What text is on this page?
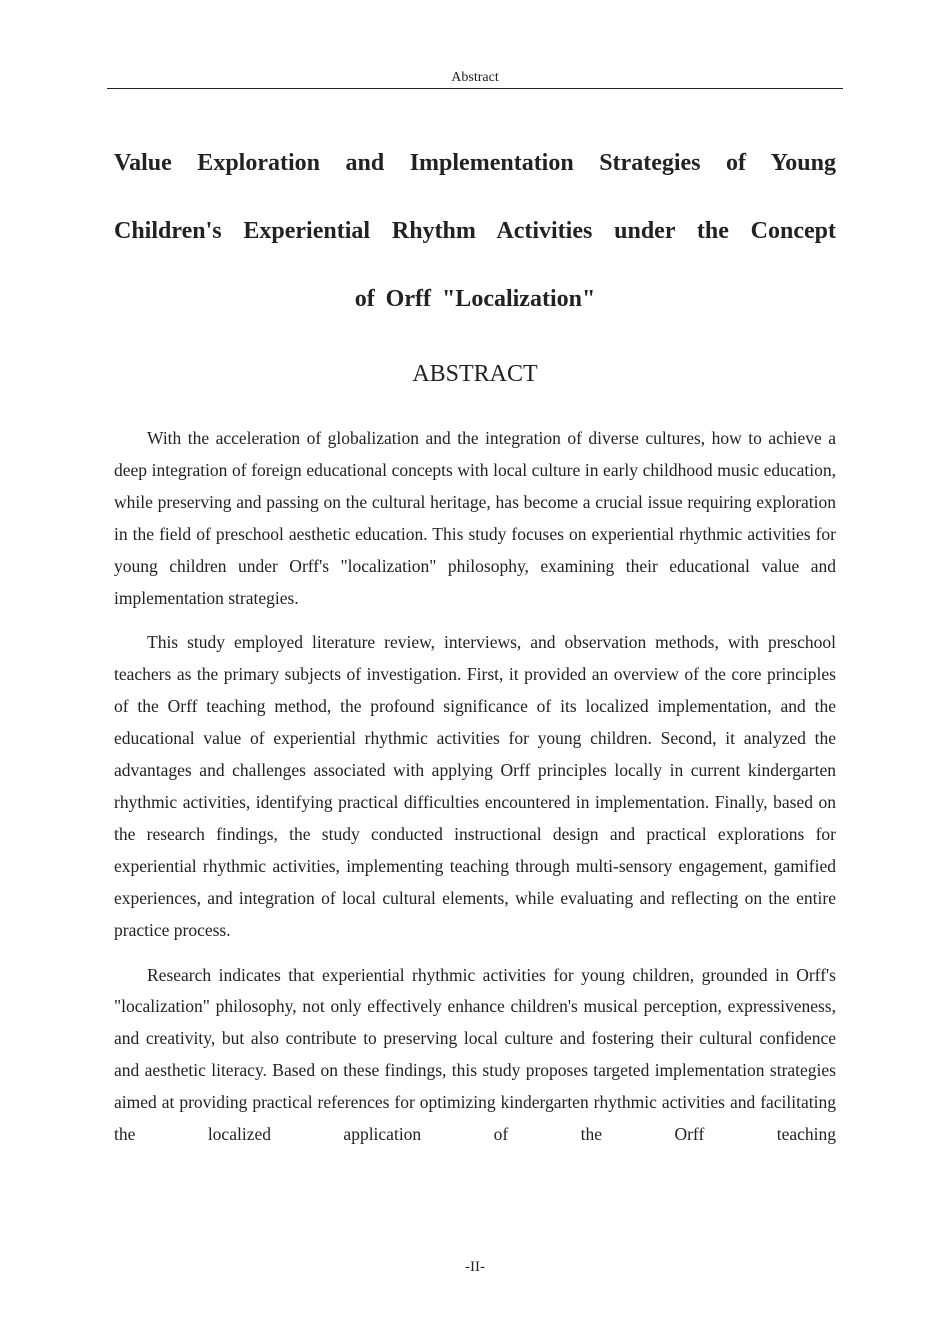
Abstract
Value Exploration and Implementation Strategies of Young
Children's Experiential Rhythm Activities under the Concept
of Orff "Localization"
ABSTRACT

With the acceleration of globalization and the integration of diverse cultures, how to achieve a deep integration of foreign educational concepts with local culture in early childhood music education, while preserving and passing on the cultural heritage, has become a crucial issue requiring exploration in the field of preschool aesthetic education. This study focuses on experiential rhythmic activities for young children under Orff's "localization" philosophy, examining their educational value and implementation strategies.

This study employed literature review, interviews, and observation methods, with preschool teachers as the primary subjects of investigation. First, it provided an overview of the core principles of the Orff teaching method, the profound significance of its localized implementation, and the educational value of experiential rhythmic activities for young children. Second, it analyzed the advantages and challenges associated with applying Orff principles locally in current kindergarten rhythmic activities, identifying practical difficulties encountered in implementation. Finally, based on the research findings, the study conducted instructional design and practical explorations for experiential rhythmic activities, implementing teaching through multi-sensory engagement, gamified experiences, and integration of local cultural elements, while evaluating and reflecting on the entire practice process.

Research indicates that experiential rhythmic activities for young children, grounded in Orff's "localization" philosophy, not only effectively enhance children's musical perception, expressiveness, and creativity, but also contribute to preserving local culture and fostering their cultural confidence and aesthetic literacy. Based on these findings, this study proposes targeted implementation strategies aimed at providing practical references for optimizing kindergarten rhythmic activities and facilitating the localized application of the Orff teaching

-II-
